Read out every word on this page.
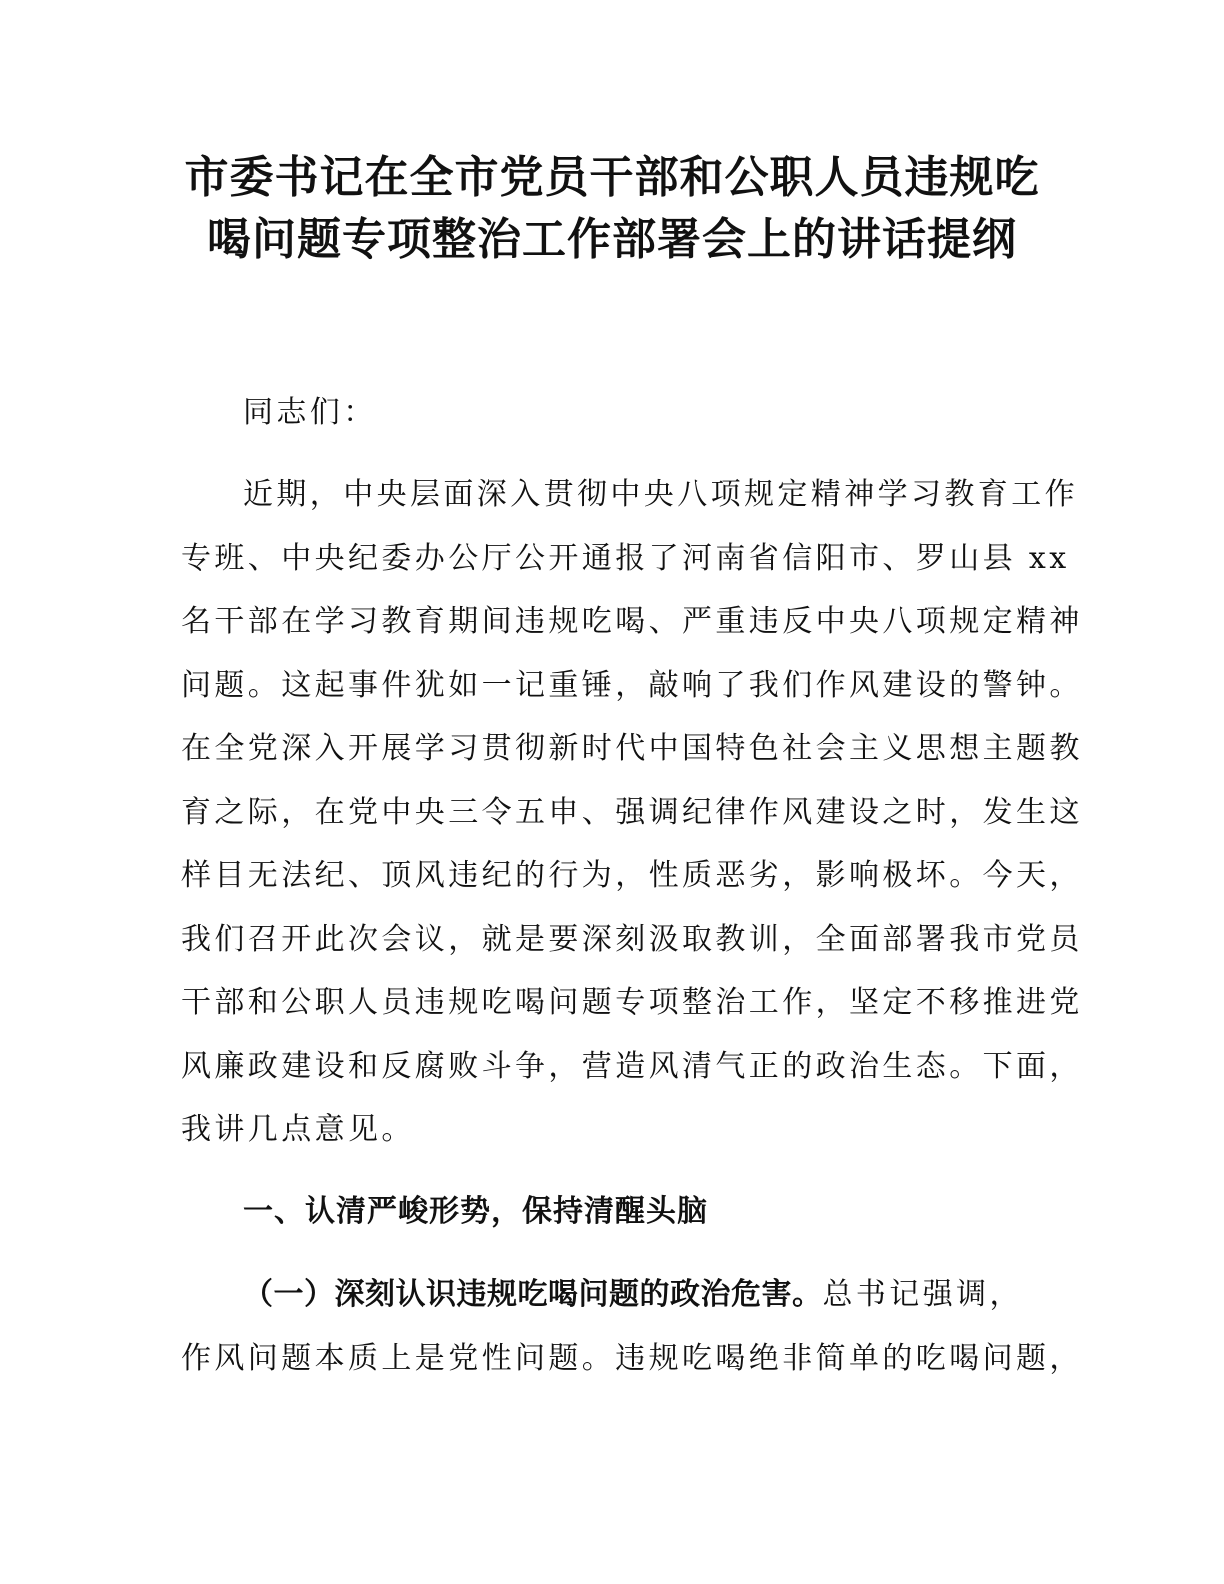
市委书记在全市党员干部和公职人员违规吃
喝问题专项整治工作部署会上的讲话提纲
同志们：
近期，中央层面深入贯彻中央八项规定精神学习教育工作
专班、中央纪委办公厅公开通报了河南省信阳市、罗山县 xx
名干部在学习教育期间违规吃喝、严重违反中央八项规定精神
问题。这起事件犹如一记重锤，敲响了我们作风建设的警钟。
在全党深入开展学习贯彻新时代中国特色社会主义思想主题教
育之际，在党中央三令五申、强调纪律作风建设之时，发生这
样目无法纪、顶风违纪的行为，性质恶劣，影响极坏。今天，
我们召开此次会议，就是要深刻汲取教训，全面部署我市党员
干部和公职人员违规吃喝问题专项整治工作，坚定不移推进党
风廉政建设和反腐败斗争，营造风清气正的政治生态。下面，
我讲几点意见。
一、认清严峻形势，保持清醒头脑
（一）深刻认识违规吃喝问题的政治危害。总书记强调，
作风问题本质上是党性问题。违规吃喝绝非简单的吃喝问题，
